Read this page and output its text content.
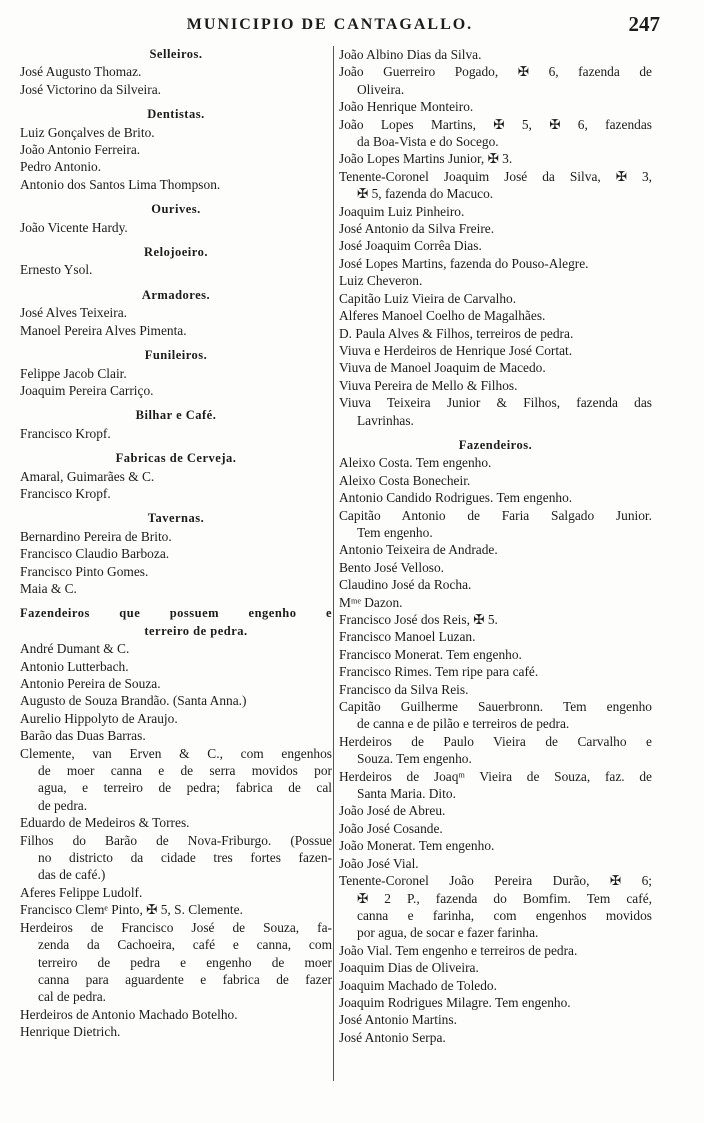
MUNICIPIO DE CANTAGALLO.	247
Selleiros.
José Augusto Thomaz.
José Victorino da Silveira.
Dentistas.
Luiz Gonçalves de Brito.
João Antonio Ferreira.
Pedro Antonio.
Antonio dos Santos Lima Thompson.
Ourives.
João Vicente Hardy.
Relojoeiro.
Ernesto Ysol.
Armadores.
José Alves Teixeira.
Manoel Pereira Alves Pimenta.
Funileiros.
Felippe Jacob Clair.
Joaquim Pereira Carriço.
Bilhar e Café.
Francisco Kropf.
Fabricas de Cerveja.
Amaral, Guimarães & C.
Francisco Kropf.
Tavernas.
Bernardino Pereira de Brito.
Francisco Claudio Barboza.
Francisco Pinto Gomes.
Maia & C.
Fazendeiros que possuem engenho e
terreiro de pedra.
André Dumant & C.
Antonio Lutterbach.
Antonio Pereira de Souza.
Augusto de Souza Brandão. (Santa Anna.)
Aurelio Hippolyto de Araujo.
Barão das Duas Barras.
Clemente, van Erven & C., com engenhos
de moer canna e de serra movidos por
agua, e terreiro de pedra; fabrica de cal
de pedra.
Eduardo de Medeiros & Torres.
Filhos do Barão de Nova-Friburgo. (Possue
no districto da cidade tres fortes fazen-
das de café.)
Aferes Felippe Ludolf.
Francisco Clemᵉ Pinto, ✠ 5, S. Clemente.
Herdeiros de Francisco José de Souza, fa-
zenda da Cachoeira, café e canna, com
terreiro de pedra e engenho de moer
canna para aguardente e fabrica de fazer
cal de pedra.
Herdeiros de Antonio Machado Botelho.
Henrique Dietrich.
João Albino Dias da Silva.
João Guerreiro Pogado, ✠ 6, fazenda de
Oliveira.
João Henrique Monteiro.
João Lopes Martins, ✠ 5, ✠ 6, fazendas
da Boa-Vista e do Socego.
João Lopes Martins Junior, ✠ 3.
Tenente-Coronel Joaquim José da Silva, ✠ 3,
✠ 5, fazenda do Macuco.
Joaquim Luiz Pinheiro.
José Antonio da Silva Freire.
José Joaquim Corrêa Dias.
José Lopes Martins, fazenda do Pouso-Alegre.
Luiz Cheveron.
Capitão Luiz Vieira de Carvalho.
Alferes Manoel Coelho de Magalhães.
D. Paula Alves & Filhos, terreiros de pedra.
Viuva e Herdeiros de Henrique José Cortat.
Viuva de Manoel Joaquim de Macedo.
Viuva Pereira de Mello & Filhos.
Viuva Teixeira Junior & Filhos, fazenda das
Lavrinhas.
Fazendeiros.
Aleixo Costa. Tem engenho.
Aleixo Costa Bonecheir.
Antonio Candido Rodrigues. Tem engenho.
Capitão Antonio de Faria Salgado Junior.
Tem engenho.
Antonio Teixeira de Andrade.
Bento José Velloso.
Claudino José da Rocha.
Mᵐᵉ Dazon.
Francisco José dos Reis, ✠ 5.
Francisco Manoel Luzan.
Francisco Monerat. Tem engenho.
Francisco Rimes. Tem ripe para café.
Francisco da Silva Reis.
Capitão Guilherme Sauerbronn. Tem engenho
de canna e de pilão e terreiros de pedra.
Herdeiros de Paulo Vieira de Carvalho e
Souza. Tem engenho.
Herdeiros de Joaqᵐ Vieira de Souza, faz. de
Santa Maria. Dito.
João José de Abreu.
João José Cosande.
João Monerat. Tem engenho.
João José Vial.
Tenente-Coronel João Pereira Durão, ✠ 6;
✠ 2 P., fazenda do Bomfim. Tem café,
canna e farinha, com engenhos movidos
por agua, de socar e fazer farinha.
João Vial. Tem engenho e terreiros de pedra.
Joaquim Dias de Oliveira.
Joaquim Machado de Toledo.
Joaquim Rodrigues Milagre. Tem engenho.
José Antonio Martins.
José Antonio Serpa.
